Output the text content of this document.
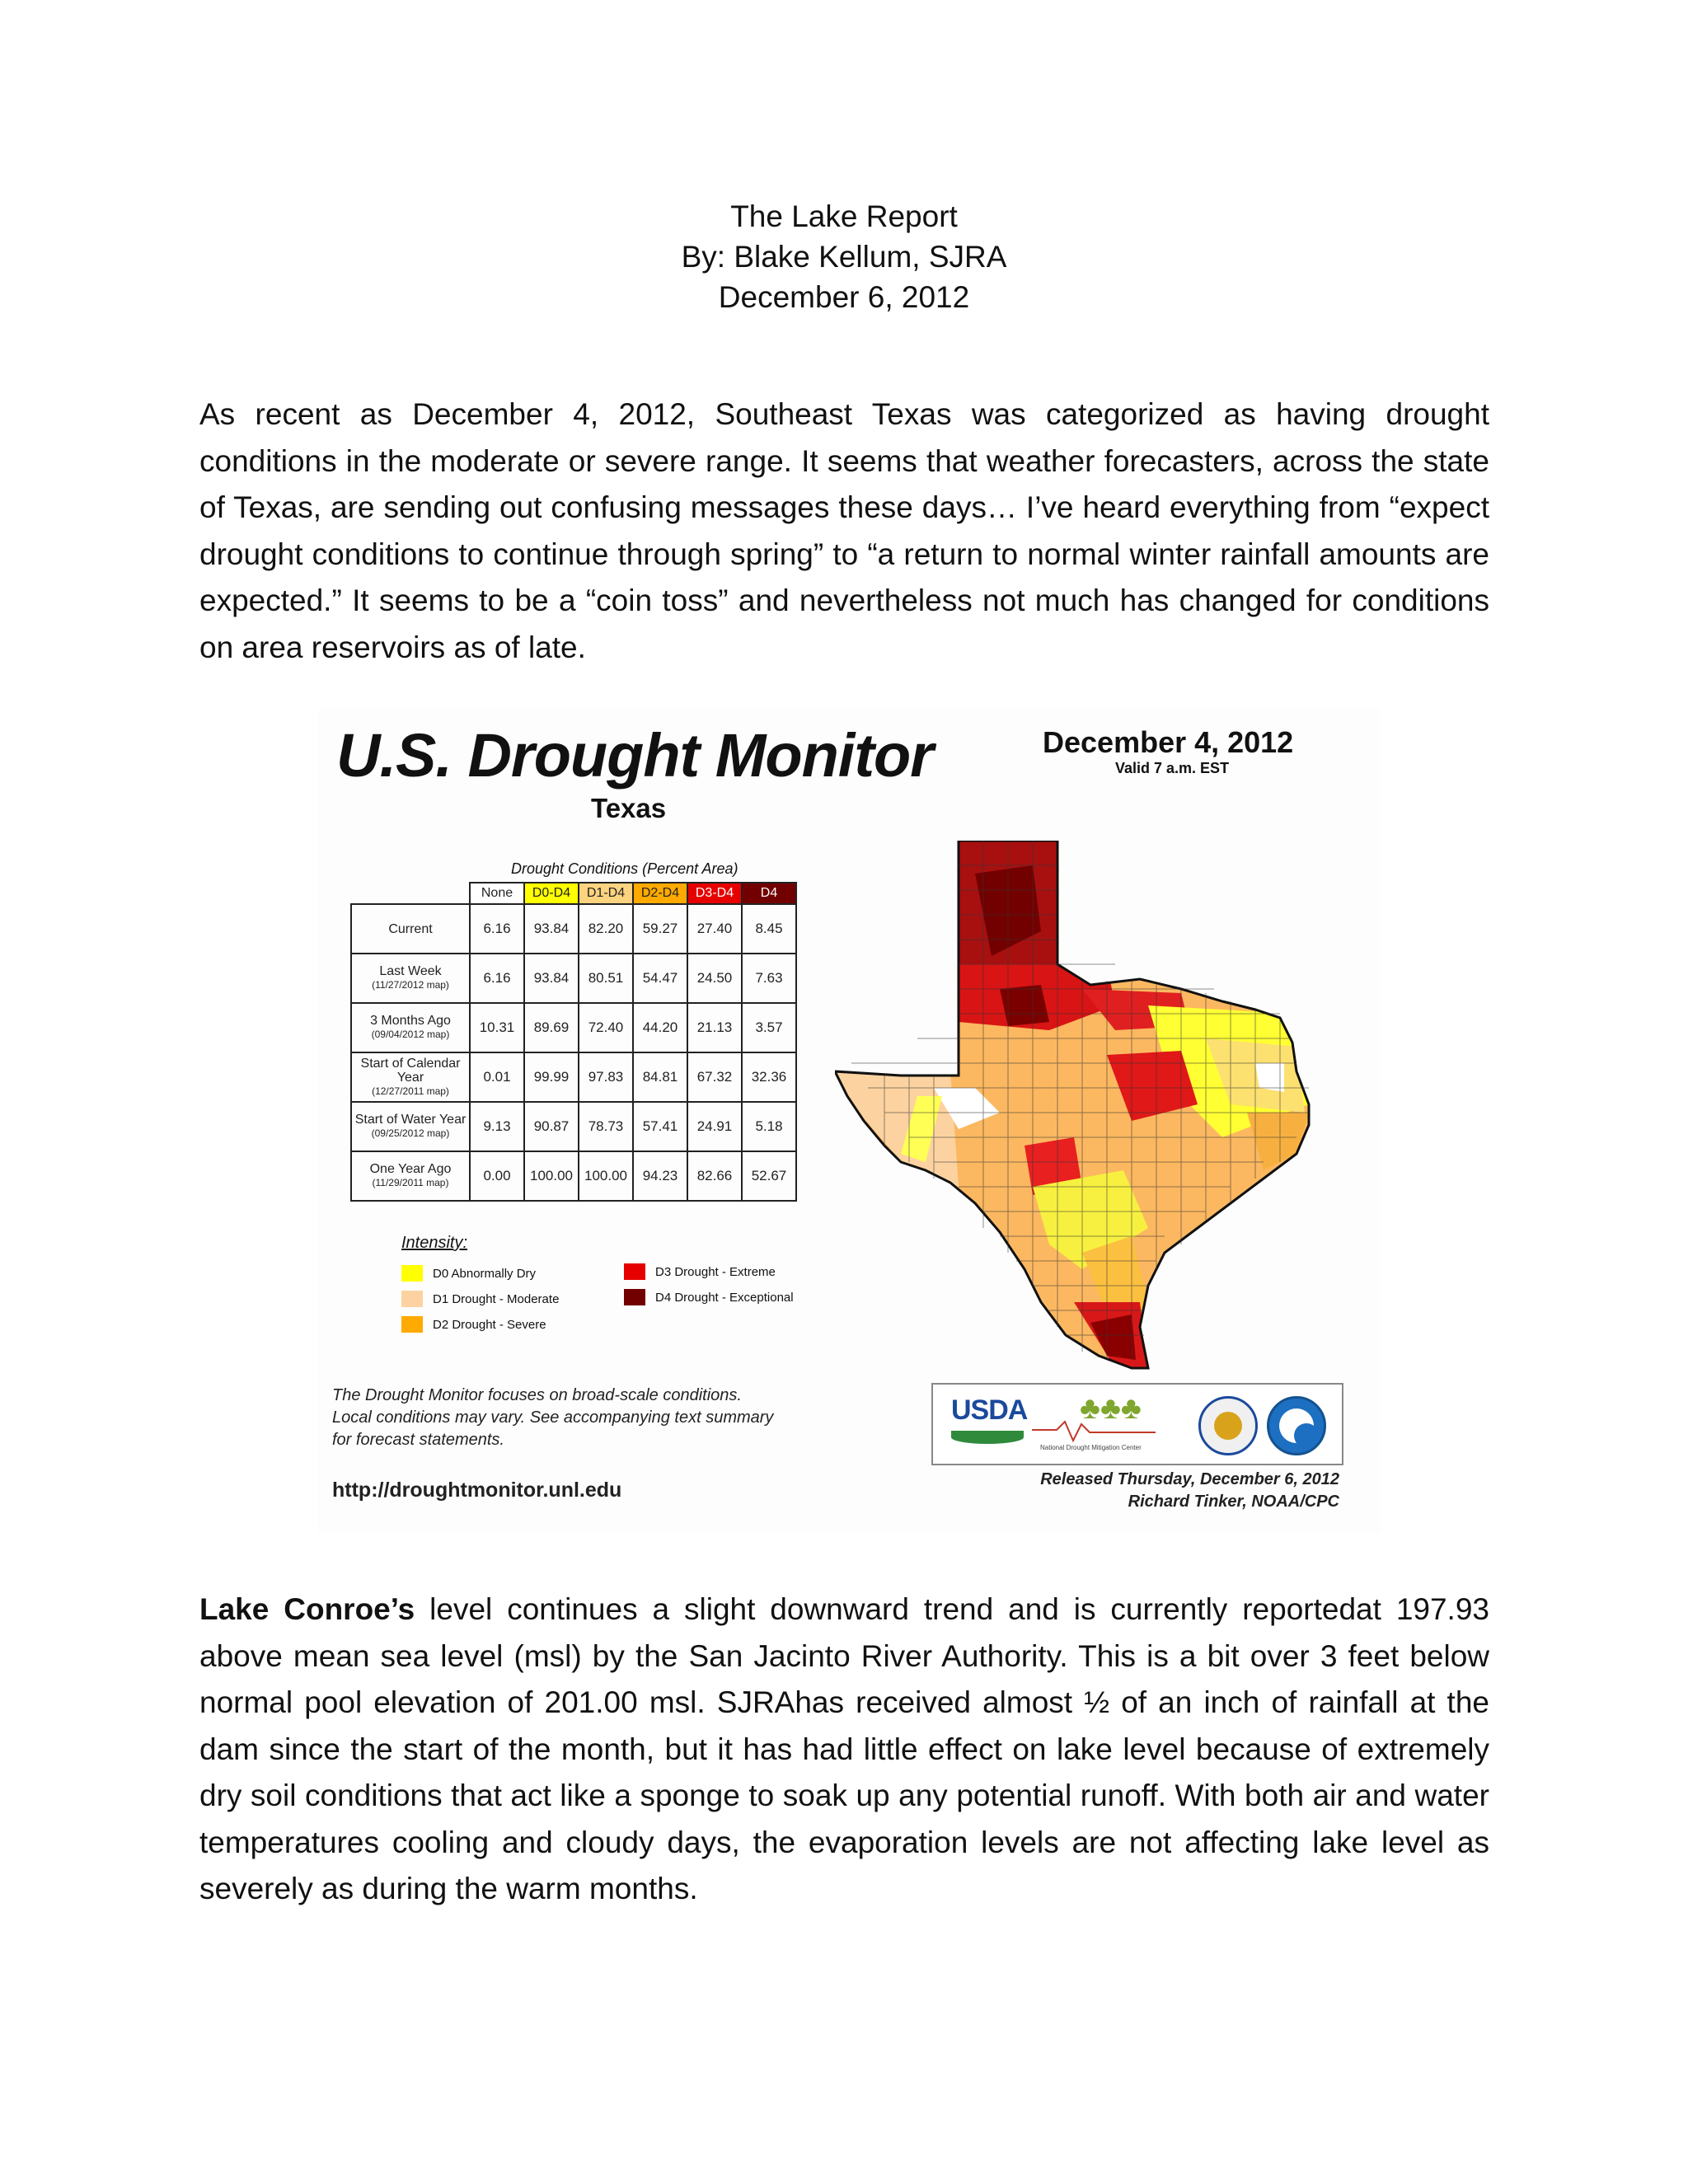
The Lake Report
By: Blake Kellum, SJRA
December 6, 2012
As recent as December 4, 2012, Southeast Texas was categorized as having drought conditions in the moderate or severe range. It seems that weather forecasters, across the state of Texas, are sending out confusing messages these days… I’ve heard everything from “expect drought conditions to continue through spring” to “a return to normal winter rainfall amounts are expected.” It seems to be a “coin toss” and nevertheless not much has changed for conditions on area reservoirs as of late.
U.S. Drought Monitor
Texas
December 4, 2012
Valid 7 a.m. EST
Drought Conditions (Percent Area)
	None	D0-D4	D1-D4	D2-D4	D3-D4	D4
Current	6.16	93.84	82.20	59.27	27.40	8.45
Last Week
(11/27/2012 map)	6.16	93.84	80.51	54.47	24.50	7.63
3 Months Ago
(09/04/2012 map)	10.31	89.69	72.40	44.20	21.13	3.57
Start of Calendar Year
(12/27/2011 map)	0.01	99.99	97.83	84.81	67.32	32.36
Start of Water Year
(09/25/2012 map)	9.13	90.87	78.73	57.41	24.91	5.18
One Year Ago
(11/29/2011 map)	0.00	100.00	100.00	94.23	82.66	52.67
Intensity:
D0 Abnormally Dry
D1 Drought - Moderate
D2 Drought - Severe
D3 Drought - Extreme
D4 Drought - Exceptional
The Drought Monitor focuses on broad-scale conditions.
Local conditions may vary. See accompanying text summary
for forecast statements.
http://droughtmonitor.unl.edu
USDA ♣♣♣
National Drought Mitigation Center
Released Thursday, December 6, 2012
Richard Tinker, NOAA/CPC
Lake Conroe’s level continues a slight downward trend and is currently reportedat 197.93 above mean sea level (msl) by the San Jacinto River Authority. This is a bit over 3 feet below normal pool elevation of 201.00 msl. SJRAhas received almost ½ of an inch of rainfall at the dam since the start of the month, but it has had little effect on lake level because of extremely dry soil conditions that act like a sponge to soak up any potential runoff. With both air and water temperatures cooling and cloudy days, the evaporation levels are not affecting lake level as severely as during the warm months.
